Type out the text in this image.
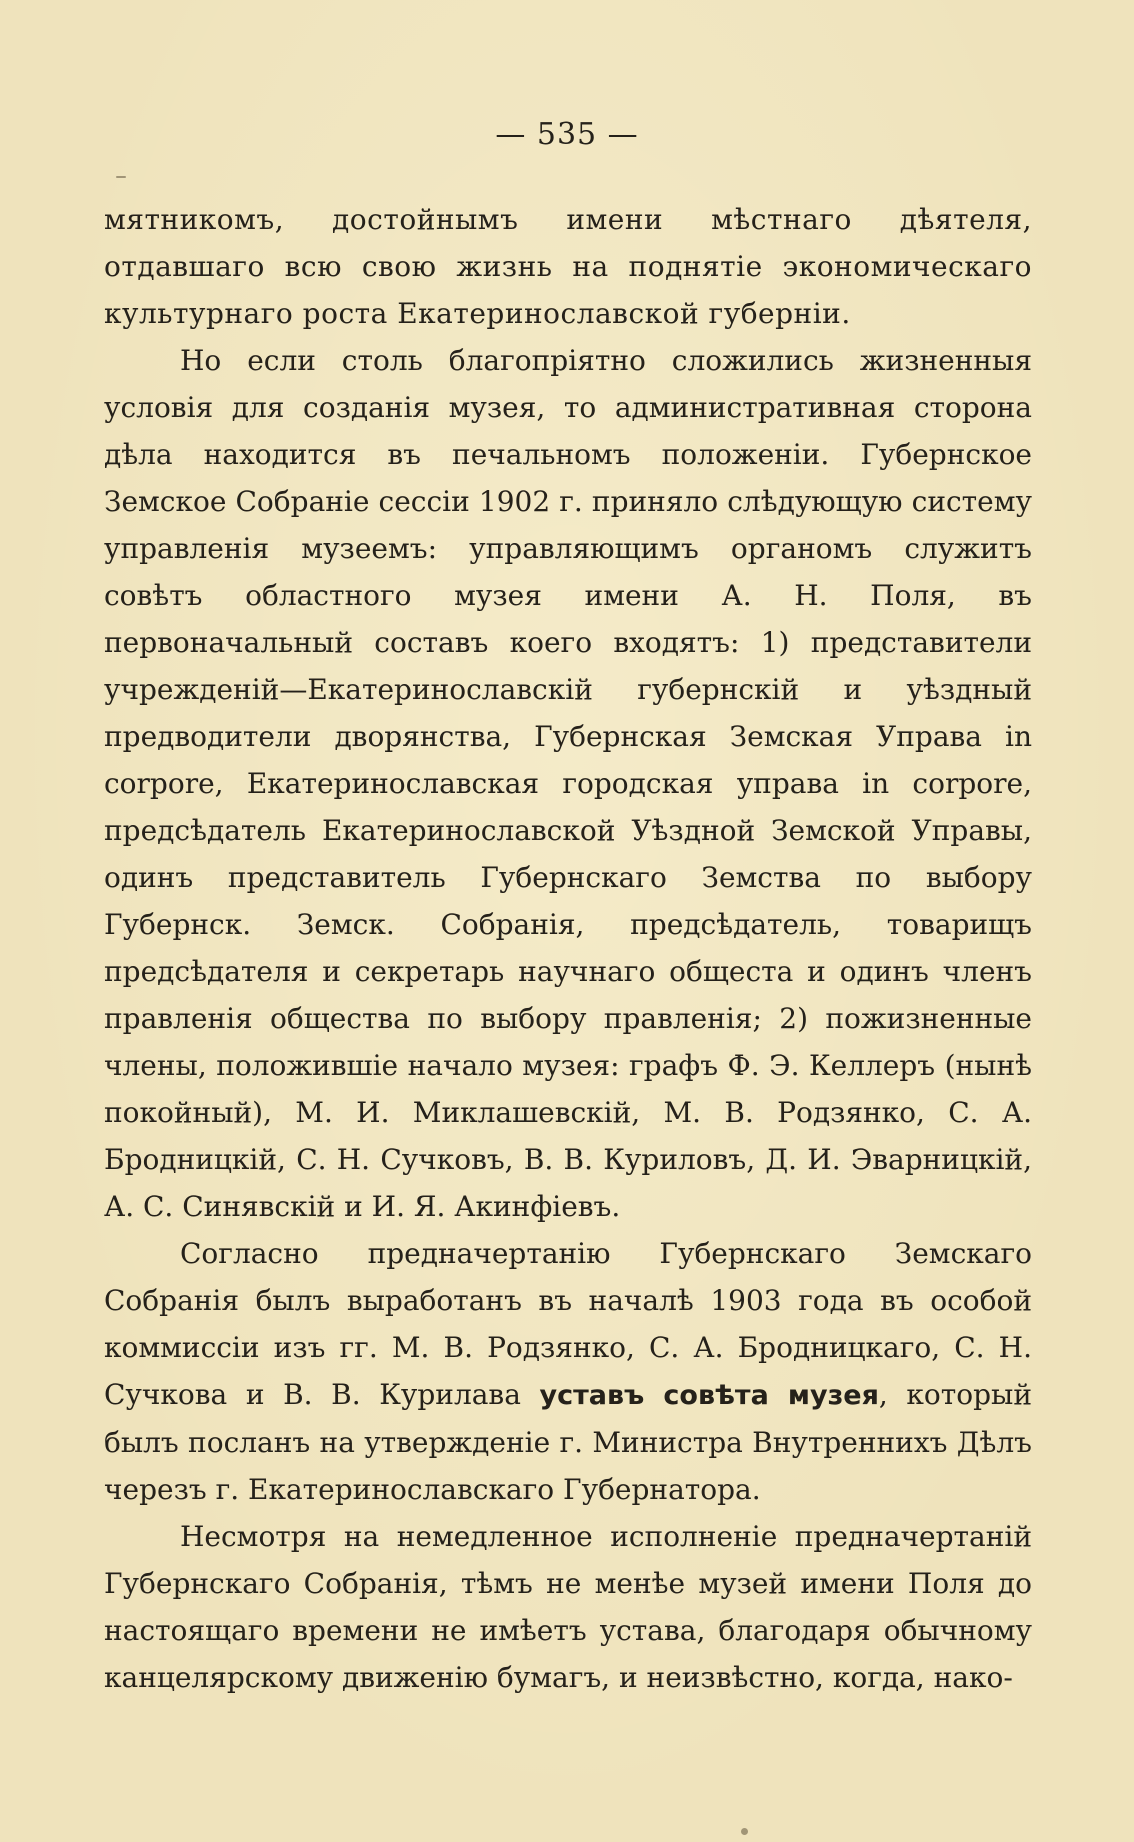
— 535 —

мятникомъ, достойнымъ имени мѣстнаго дѣятеля, отдавшаго всю свою жизнь на поднятіе экономическаго культурнаго роста Екатеринославской губерніи.

Но если столь благопріятно сложились жизненныя условія для созданія музея, то административная сторона дѣла находится въ печальномъ положеніи. Губернское Земское Собраніе сессіи 1902 г. приняло слѣдующую систему управленія музеемъ: управляющимъ органомъ служитъ совѣтъ областного музея имени А. Н. Поля, въ первоначальный составъ коего входятъ: 1) представители учрежденій—Екатеринославскій губернскій и уѣздный предводители дворянства, Губернская Земская Управа in corpore, Екатеринославская городская управа in corpore, предсѣдатель Екатеринославской Уѣздной Земской Управы, одинъ представитель Губернскаго Земства по выбору Губернск. Земск. Собранія, предсѣдатель, товарищъ предсѣдателя и секретарь научнаго общеста и одинъ членъ правленія общества по выбору правленія; 2) пожизненные члены, положившіе начало музея: графъ Ф. Э. Келлеръ (нынѣ покойный), М. И. Миклашевскій, М. В. Родзянко, С. А. Бродницкій, С. Н. Сучковъ, В. В. Куриловъ, Д. И. Эварницкій, А. С. Синявскій и И. Я. Акинфіевъ.

Согласно предначертанію Губернскаго Земскаго Собранія былъ выработанъ въ началѣ 1903 года въ особой коммиссіи изъ гг. М. В. Родзянко, С. А. Бродницкаго, С. Н. Сучкова и В. В. Курилава уставъ совѣта музея, который былъ посланъ на утвержденіе г. Министра Внутреннихъ Дѣлъ черезъ г. Екатеринославскаго Губернатора.

Несмотря на немедленное исполненіе предначертаній Губернскаго Собранія, тѣмъ не менѣе музей имени Поля до настоящаго времени не имѣетъ устава, благодаря обычному канцелярскому движенію бумагъ, и неизвѣстно, когда, нако-
